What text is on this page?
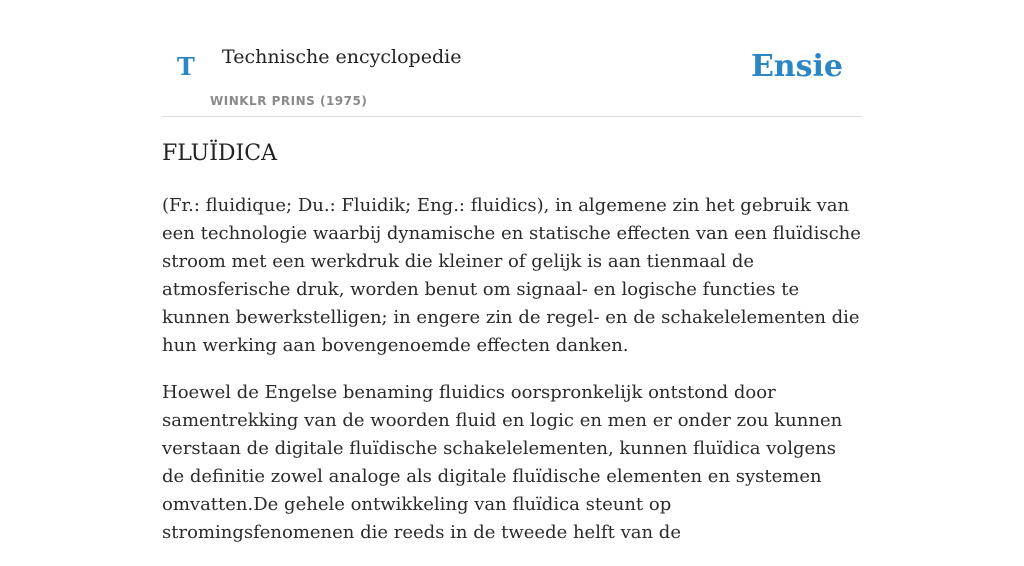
T Technische encyclopedie
WINKLR PRINS (1975)
Ensie
FLUÏDICA

(Fr.: fluidique; Du.: Fluidik; Eng.: fluidics), in algemene zin het gebruik van een technologie waarbij dynamische en statische effecten van een fluïdische stroom met een werkdruk die kleiner of gelijk is aan tienmaal de atmosferische druk, worden benut om signaal- en logische functies te kunnen bewerkstelligen; in engere zin de regel- en de schakelelementen die hun werking aan bovengenoemde effecten danken.

Hoewel de Engelse benaming fluidics oorspronkelijk ontstond door samentrekking van de woorden fluid en logic en men er onder zou kunnen verstaan de digitale fluïdische schakelelementen, kunnen fluïdica volgens de definitie zowel analoge als digitale fluïdische elementen en systemen omvatten.De gehele ontwikkeling van fluïdica steunt op stromingsfenomenen die reeds in de tweede helft van de
